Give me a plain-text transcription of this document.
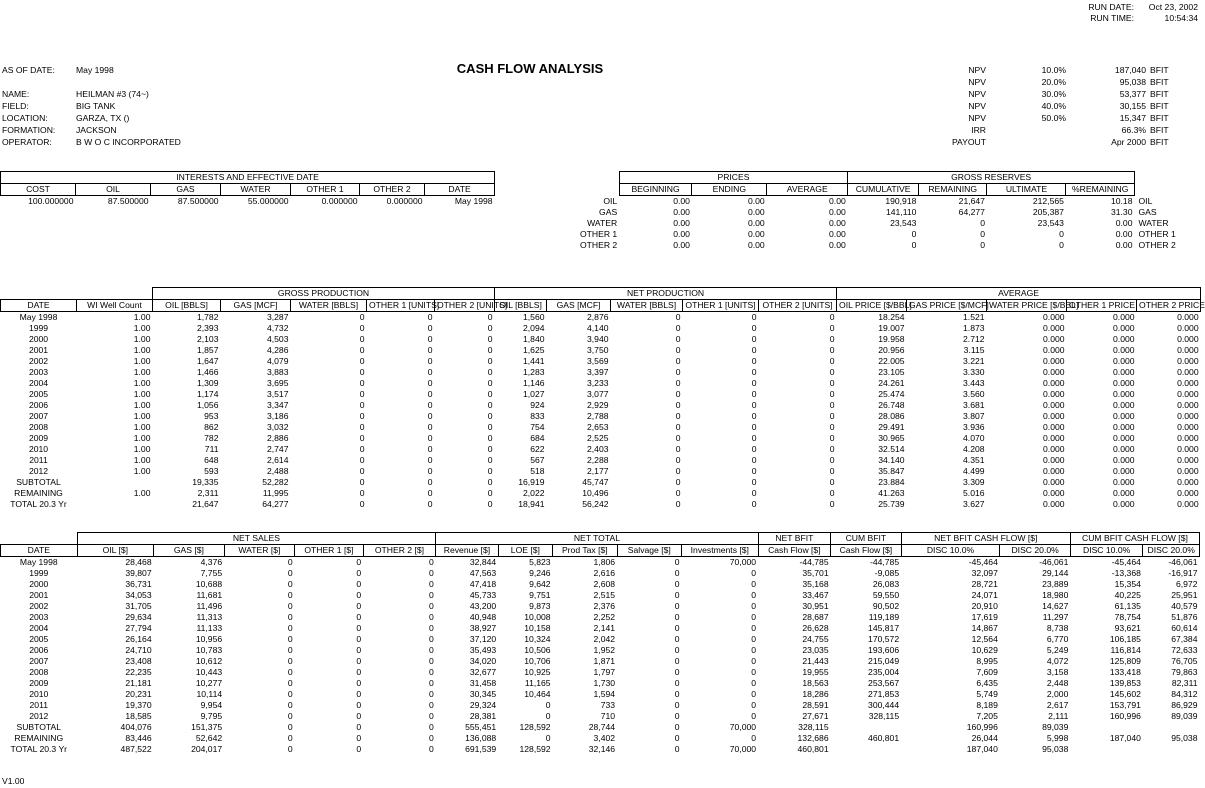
RUN DATE:	Oct 23, 2002
RUN TIME:	10:54:34
CASH FLOW ANALYSIS
AS OF DATE:	May 1998

NAME:	HEILMAN #3 (74~)
FIELD:	BIG TANK
LOCATION:	GARZA, TX ()
FORMATION:	JACKSON
OPERATOR:	B W O C INCORPORATED
NPV	10.0%	187,040	BFIT
NPV	20.0%	95,038	BFIT
NPV	30.0%	53,377	BFIT
NPV	40.0%	30,155	BFIT
NPV	50.0%	15,347	BFIT
IRR		66.3%	BFIT
PAYOUT		Apr 2000	BFIT
INTERESTS AND EFFECTIVE DATE						
COST	OIL	GAS	WATER	OTHER 1	OTHER 2	DATE
100.000000	87.500000	87.500000	55.000000	0.000000	0.000000	May 1998
	PRICES			GROSS RESERVES				
	BEGINNING	ENDING	AVERAGE	CUMULATIVE	REMAINING	ULTIMATE	%REMAINING	
OIL	0.00	0.00	0.00	190,918	21,647	212,565	10.18	OIL
GAS	0.00	0.00	0.00	141,110	64,277	205,387	31.30	GAS
WATER	0.00	0.00	0.00	23,543	0	23,543	0.00	WATER
OTHER 1	0.00	0.00	0.00	0	0	0	0.00	OTHER 1
OTHER 2	0.00	0.00	0.00	0	0	0	0.00	OTHER 2
		GROSS PRODUCTION					NET PRODUCTION					AVERAGE				
DATE	WI Well Count	OIL [BBLS]	GAS [MCF]	WATER [BBLS]	OTHER 1 [UNITS]	OTHER 2 [UNITS]	OIL [BBLS]	GAS [MCF]	WATER [BBLS]	OTHER 1 [UNITS]	OTHER 2 [UNITS]	OIL PRICE [$/BBL]	GAS PRICE [$/MCF]	WATER PRICE [$/BBL]	OTHER 1 PRICE	OTHER 2 PRICE
May 1998	1.00	1,782	3,287	0	0	0	1,560	2,876	0	0	0	18.254	1.521	0.000	0.000	0.000
1999	1.00	2,393	4,732	0	0	0	2,094	4,140	0	0	0	19.007	1.873	0.000	0.000	0.000
2000	1.00	2,103	4,503	0	0	0	1,840	3,940	0	0	0	19.958	2.712	0.000	0.000	0.000
2001	1.00	1,857	4,286	0	0	0	1,625	3,750	0	0	0	20.956	3.115	0.000	0.000	0.000
2002	1.00	1,647	4,079	0	0	0	1,441	3,569	0	0	0	22.005	3.221	0.000	0.000	0.000
2003	1.00	1,466	3,883	0	0	0	1,283	3,397	0	0	0	23.105	3.330	0.000	0.000	0.000
2004	1.00	1,309	3,695	0	0	0	1,146	3,233	0	0	0	24.261	3.443	0.000	0.000	0.000
2005	1.00	1,174	3,517	0	0	0	1,027	3,077	0	0	0	25.474	3.560	0.000	0.000	0.000
2006	1.00	1,056	3,347	0	0	0	924	2,929	0	0	0	26.748	3.681	0.000	0.000	0.000
2007	1.00	953	3,186	0	0	0	833	2,788	0	0	0	28.086	3.807	0.000	0.000	0.000
2008	1.00	862	3,032	0	0	0	754	2,653	0	0	0	29.491	3.936	0.000	0.000	0.000
2009	1.00	782	2,886	0	0	0	684	2,525	0	0	0	30.965	4.070	0.000	0.000	0.000
2010	1.00	711	2,747	0	0	0	622	2,403	0	0	0	32.514	4.208	0.000	0.000	0.000
2011	1.00	648	2,614	0	0	0	567	2,288	0	0	0	34.140	4.351	0.000	0.000	0.000
2012	1.00	593	2,488	0	0	0	518	2,177	0	0	0	35.847	4.499	0.000	0.000	0.000
SUBTOTAL		19,335	52,282	0	0	0	16,919	45,747	0	0	0	23.884	3.309	0.000	0.000	0.000
REMAINING	1.00	2,311	11,995	0	0	0	2,022	10,496	0	0	0	41.263	5.016	0.000	0.000	0.000
TOTAL 20.3 Yr		21,647	64,277	0	0	0	18,941	56,242	0	0	0	25.739	3.627	0.000	0.000	0.000
	NET SALES					NET TOTAL					NET BFIT	CUM BFIT	NET BFIT CASH FLOW [$]		CUM BFIT CASH FLOW [$]	
DATE	OIL [$]	GAS [$]	WATER [$]	OTHER 1 [$]	OTHER 2 [$]	Revenue [$]	LOE [$]	Prod Tax [$]	Salvage [$]	Investments [$]	Cash Flow [$]	Cash Flow [$]	DISC 10.0%	DISC 20.0%	DISC 10.0%	DISC 20.0%
May 1998	28,468	4,376	0	0	0	32,844	5,823	1,806	0	70,000	-44,785	-44,785	-45,464	-46,061	-45,464	-46,061
1999	39,807	7,755	0	0	0	47,563	9,246	2,616	0	0	35,701	-9,085	32,097	29,144	-13,368	-16,917
2000	36,731	10,688	0	0	0	47,418	9,642	2,608	0	0	35,168	26,083	28,721	23,889	15,354	6,972
2001	34,053	11,681	0	0	0	45,733	9,751	2,515	0	0	33,467	59,550	24,071	18,980	40,225	25,951
2002	31,705	11,496	0	0	0	43,200	9,873	2,376	0	0	30,951	90,502	20,910	14,627	61,135	40,579
2003	29,634	11,313	0	0	0	40,948	10,008	2,252	0	0	28,687	119,189	17,619	11,297	78,754	51,876
2004	27,794	11,133	0	0	0	38,927	10,158	2,141	0	0	26,628	145,817	14,867	8,738	93,621	60,614
2005	26,164	10,956	0	0	0	37,120	10,324	2,042	0	0	24,755	170,572	12,564	6,770	106,185	67,384
2006	24,710	10,783	0	0	0	35,493	10,506	1,952	0	0	23,035	193,606	10,629	5,249	116,814	72,633
2007	23,408	10,612	0	0	0	34,020	10,706	1,871	0	0	21,443	215,049	8,995	4,072	125,809	76,705
2008	22,235	10,443	0	0	0	32,677	10,925	1,797	0	0	19,955	235,004	7,609	3,158	133,418	79,863
2009	21,181	10,277	0	0	0	31,458	11,165	1,730	0	0	18,563	253,567	6,435	2,448	139,853	82,311
2010	20,231	10,114	0	0	0	30,345	10,464	1,594	0	0	18,286	271,853	5,749	2,000	145,602	84,312
2011	19,370	9,954	0	0	0	29,324	0	733	0	0	28,591	300,444	8,189	2,617	153,791	86,929
2012	18,585	9,795	0	0	0	28,381	0	710	0	0	27,671	328,115	7,205	2,111	160,996	89,039
SUBTOTAL	404,076	151,375	0	0	0	555,451	128,592	28,744	0	70,000	328,115		160,996	89,039		
REMAINING	83,446	52,642	0	0	0	136,088	0	3,402	0	0	132,686	460,801	26,044	5,998	187,040	95,038
TOTAL 20.3 Yr	487,522	204,017	0	0	0	691,539	128,592	32,146	0	70,000	460,801		187,040	95,038		
V1.00
